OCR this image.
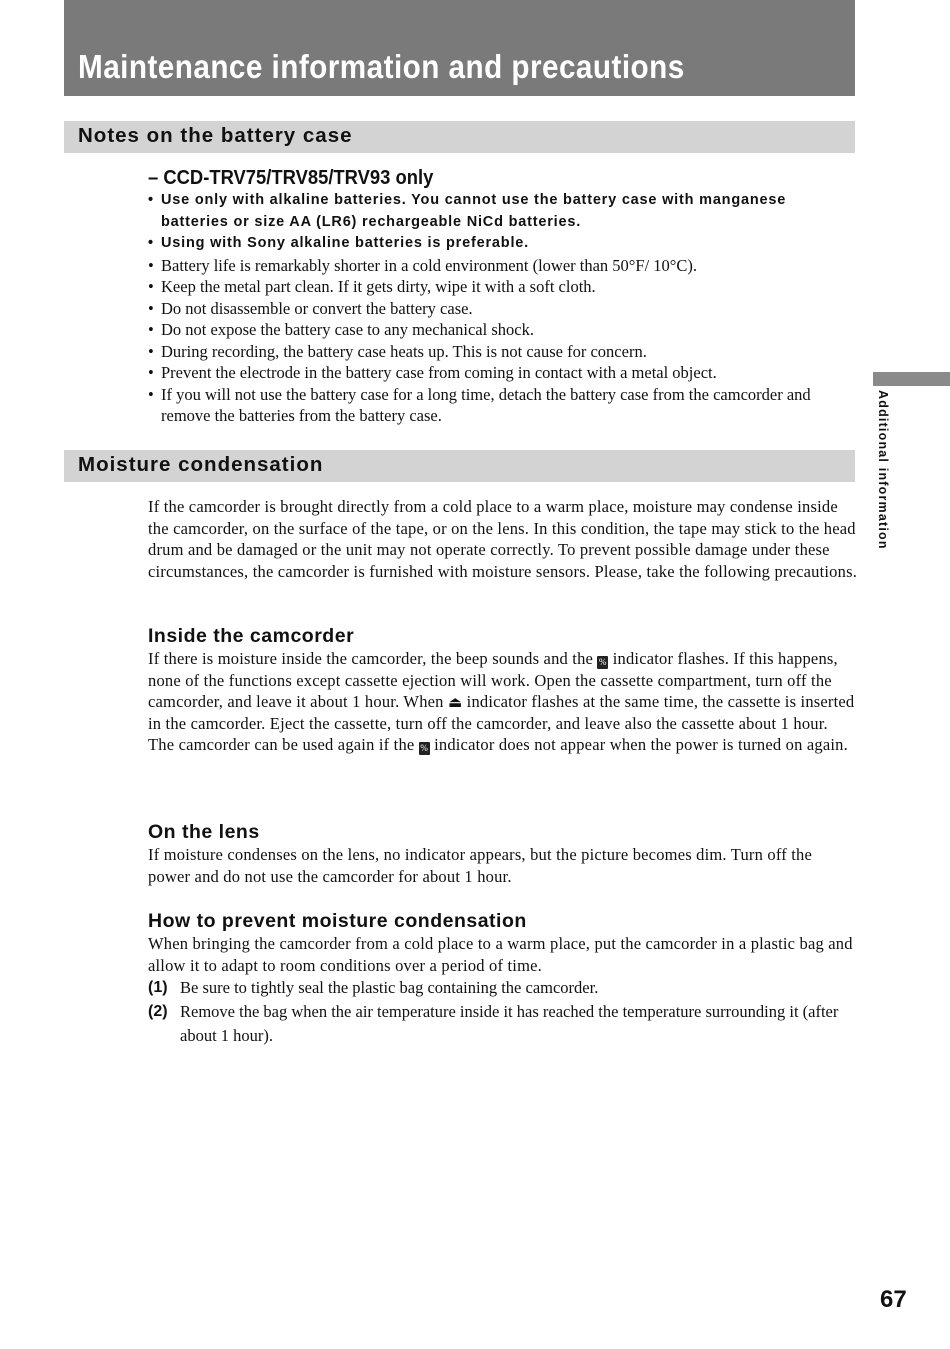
Maintenance information and precautions
Notes on the battery case
– CCD-TRV75/TRV85/TRV93 only
• Use only with alkaline batteries. You cannot use the battery case with manganese batteries or size AA (LR6) rechargeable NiCd batteries.
• Using with Sony alkaline batteries is preferable.
• Battery life is remarkably shorter in a cold environment (lower than 50°F/ 10°C).
• Keep the metal part clean. If it gets dirty, wipe it with a soft cloth.
• Do not disassemble or convert the battery case.
• Do not expose the battery case to any mechanical shock.
• During recording, the battery case heats up. This is not cause for concern.
• Prevent the electrode in the battery case from coming in contact with a metal object.
• If you will not use the battery case for a long time, detach the battery case from the camcorder and remove the batteries from the battery case.
Moisture condensation

If the camcorder is brought directly from a cold place to a warm place, moisture may condense inside the camcorder, on the surface of the tape, or on the lens. In this condition, the tape may stick to the head drum and be damaged or the unit may not operate correctly. To prevent possible damage under these circumstances, the camcorder is furnished with moisture sensors. Please, take the following precautions.

Inside the camcorder

If there is moisture inside the camcorder, the beep sounds and the % indicator flashes. If this happens, none of the functions except cassette ejection will work. Open the cassette compartment, turn off the camcorder, and leave it about 1 hour. When ⏏ indicator flashes at the same time, the cassette is inserted in the camcorder. Eject the cassette, turn off the camcorder, and leave also the cassette about 1 hour. The camcorder can be used again if the % indicator does not appear when the power is turned on again.

On the lens

If moisture condenses on the lens, no indicator appears, but the picture becomes dim. Turn off the power and do not use the camcorder for about 1 hour.

How to prevent moisture condensation

When bringing the camcorder from a cold place to a warm place, put the camcorder in a plastic bag and allow it to adapt to room conditions over a period of time.

(1) Be sure to tightly seal the plastic bag containing the camcorder.
(2) Remove the bag when the air temperature inside it has reached the temperature surrounding it (after about 1 hour).
Additional information
67
